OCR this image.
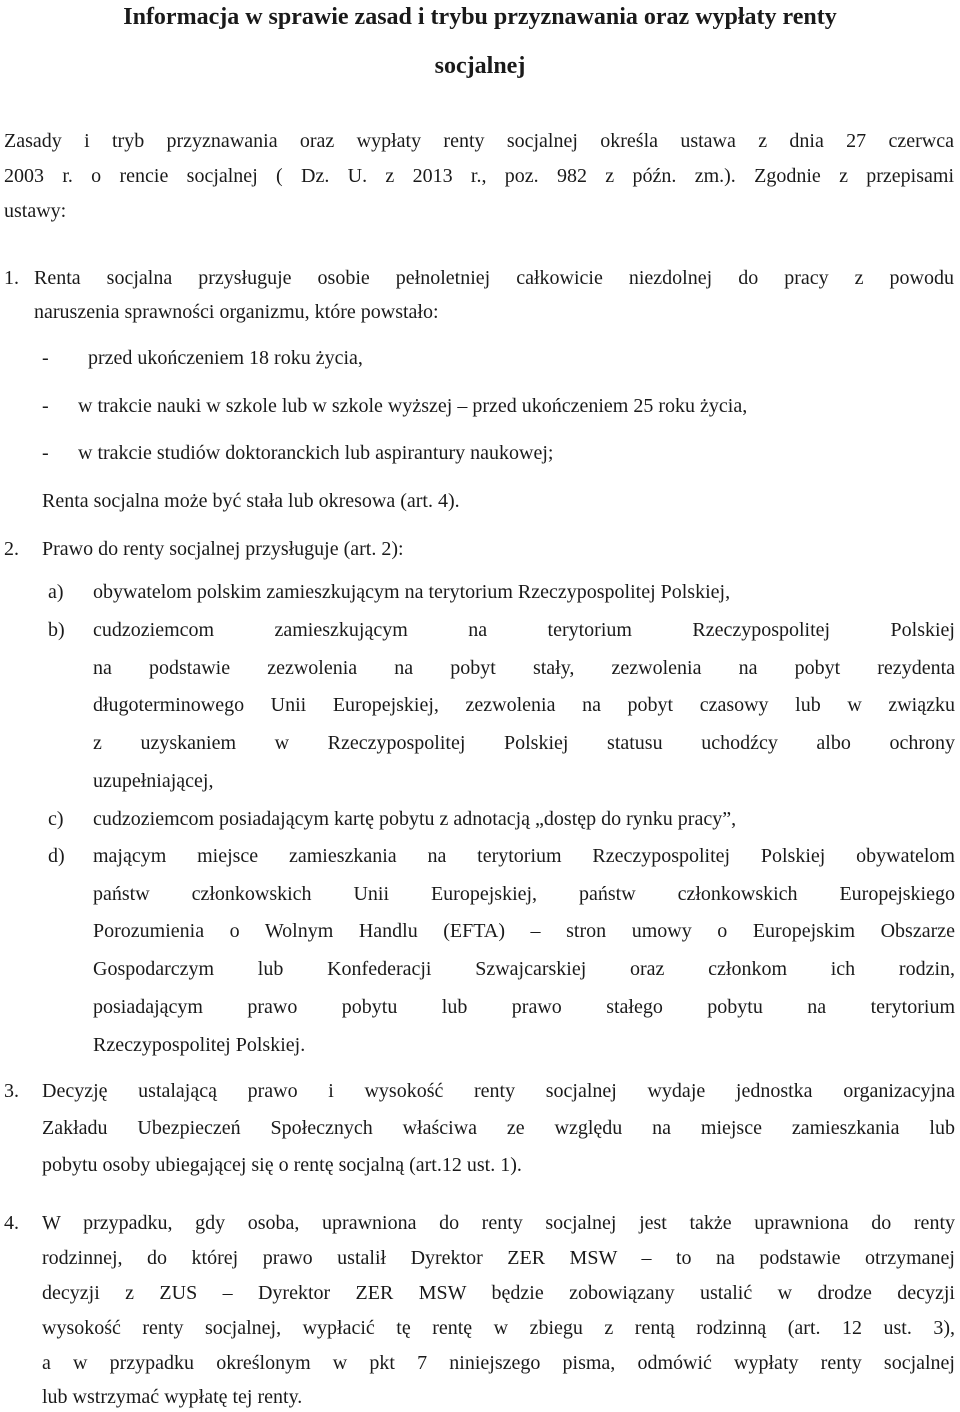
Informacja w sprawie zasad i trybu przyznawania oraz wypłaty renty
socjalnej

Zasady i tryb przyznawania oraz wypłaty renty socjalnej określa ustawa z dnia 27 czerwca

2003 r. o rencie socjalnej ( Dz. U. z 2013 r., poz. 982 z późn. zm.). Zgodnie z przepisami

ustawy:

1. Renta socjalna przysługuje osobie pełnoletniej całkowicie niezdolnej do pracy z powodu

naruszenia sprawności organizmu, które powstało:

- przed ukończeniem 18 roku życia,

- w trakcie nauki w szkole lub w szkole wyższej – przed ukończeniem 25 roku życia,

- w trakcie studiów doktoranckich lub aspirantury naukowej;

Renta socjalna może być stała lub okresowa (art. 4).

2. Prawo do renty socjalnej przysługuje (art. 2):

a) obywatelom polskim zamieszkującym na terytorium Rzeczypospolitej Polskiej,

b) cudzoziemcom zamieszkującym na terytorium Rzeczypospolitej Polskiej

na podstawie zezwolenia na pobyt stały, zezwolenia na pobyt rezydenta

długoterminowego Unii Europejskiej, zezwolenia na pobyt czasowy lub w związku

z uzyskaniem w Rzeczypospolitej Polskiej statusu uchodźcy albo ochrony

uzupełniającej,

c) cudzoziemcom posiadającym kartę pobytu z adnotacją „dostęp do rynku pracy”,

d) mającym miejsce zamieszkania na terytorium Rzeczypospolitej Polskiej obywatelom

państw członkowskich Unii Europejskiej, państw członkowskich Europejskiego

Porozumienia o Wolnym Handlu (EFTA) – stron umowy o Europejskim Obszarze

Gospodarczym lub Konfederacji Szwajcarskiej oraz członkom ich rodzin,

posiadającym prawo pobytu lub prawo stałego pobytu na terytorium

Rzeczypospolitej Polskiej.

3. Decyzję ustalającą prawo i wysokość renty socjalnej wydaje jednostka organizacyjna

Zakładu Ubezpieczeń Społecznych właściwa ze względu na miejsce zamieszkania lub

pobytu osoby ubiegającej się o rentę socjalną (art.12 ust. 1).

4. W przypadku, gdy osoba, uprawniona do renty socjalnej jest także uprawniona do renty

rodzinnej, do której prawo ustalił Dyrektor ZER MSW – to na podstawie otrzymanej

decyzji z ZUS – Dyrektor ZER MSW będzie zobowiązany ustalić w drodze decyzji

wysokość renty socjalnej, wypłacić tę rentę w zbiegu z rentą rodzinną (art. 12 ust. 3),

a w przypadku określonym w pkt 7 niniejszego pisma, odmówić wypłaty renty socjalnej

lub wstrzymać wypłatę tej renty.
